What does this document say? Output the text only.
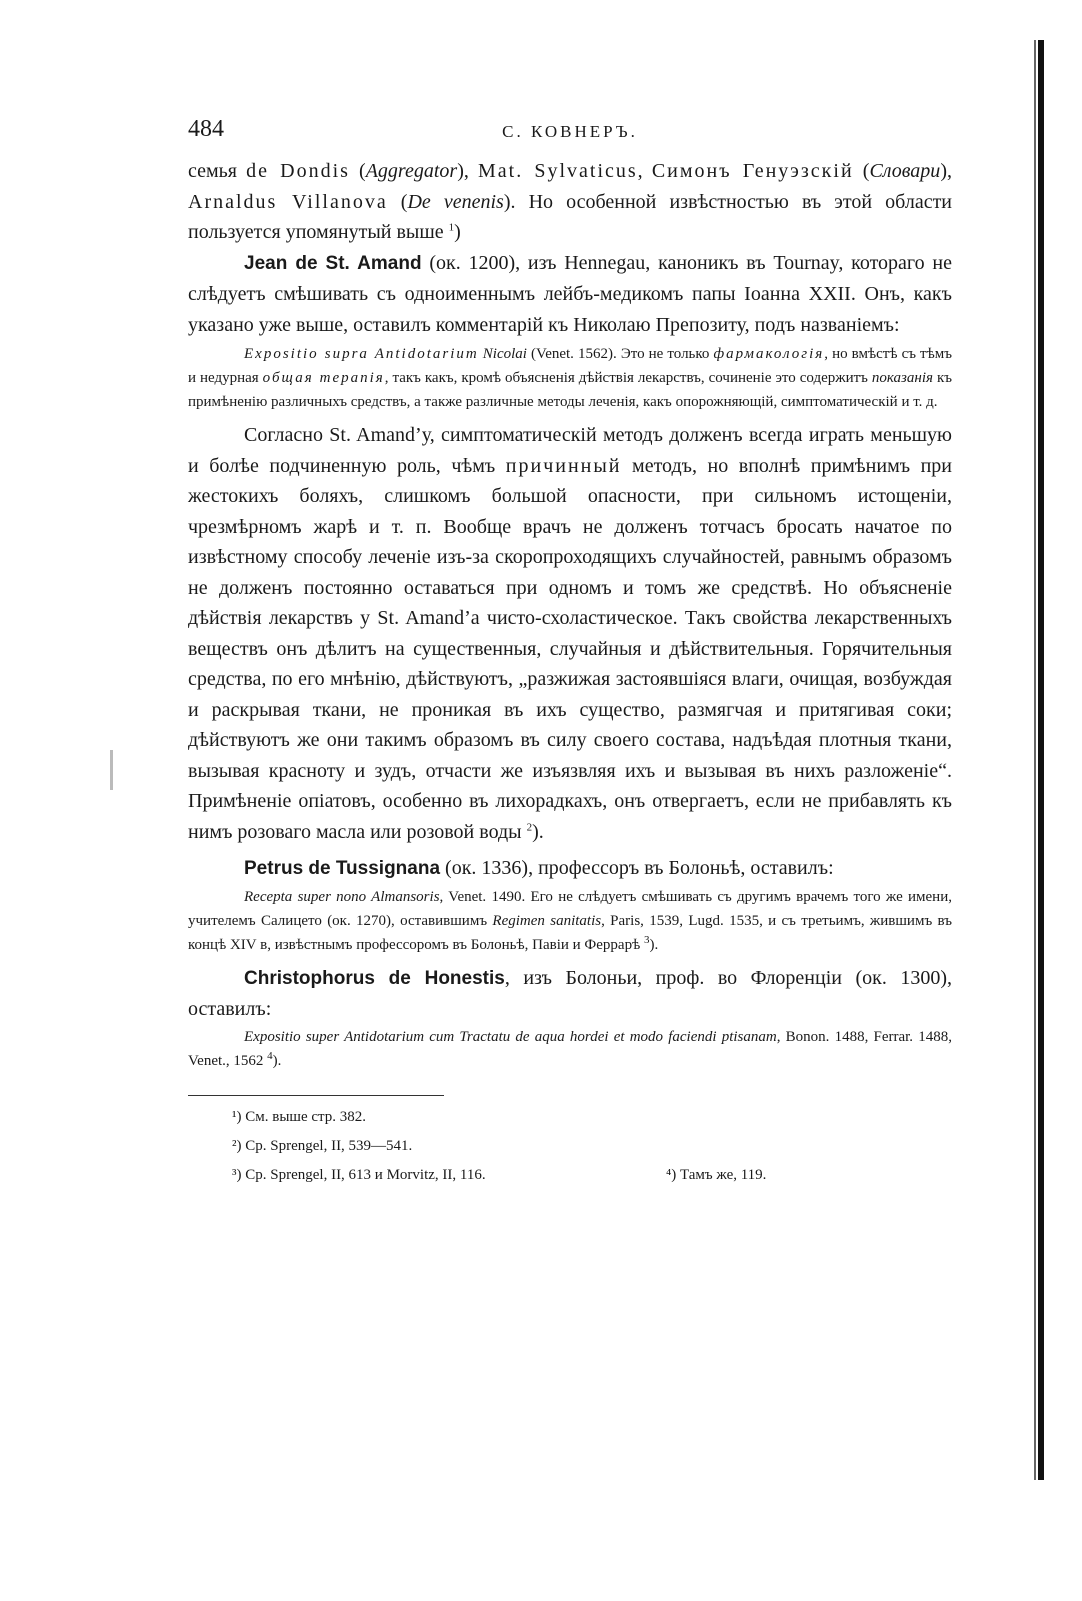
484	С. КОВНЕРЪ.

семья de Dondis (Aggregator), Mat. Sylvaticus, Симонъ Генуэзскій (Словари), Arnaldus Villanova (De venenis). Но особенной извѣстностью въ этой области пользуется упомянутый выше $^1$)

Jean de St. Amand (ок. 1200), изъ Hennegau, каноникъ въ Tournay, котораго не слѣдуетъ смѣшивать съ одноименнымъ лейбъ-медикомъ папы Іоанна XXII. Онъ, какъ указано уже выше, оставилъ комментарій къ Николаю Препозиту, подъ названіемъ:

Expositio supra Antidotarium Nicolai (Venet. 1562). Это не только фармакологія, но вмѣстѣ съ тѣмъ и недурная общая терапія, такъ какъ, кромѣ объясненія дѣйствія лекарствъ, сочиненіе это содержитъ показанія къ примѣненію различныхъ средствъ, а также различные методы леченія, какъ опорожняющій, симптоматическій и т. д.

Согласно St. Amand’у, симптоматическій методъ долженъ всегда играть меньшую и болѣе подчиненную роль, чѣмъ причинный методъ, но вполнѣ примѣнимъ при жестокихъ боляхъ, слишкомъ большой опасности, при сильномъ истощеніи, чрезмѣрномъ жарѣ и т. п. Вообще врачъ не долженъ тотчасъ бросать начатое по извѣстному способу леченіе изъ-за скоропроходящихъ случайностей, равнымъ образомъ не долженъ постоянно оставаться при одномъ и томъ же средствѣ. Но объясненіе дѣйствія лекарствъ у St. Amand’а чисто-схоластическое. Такъ свойства лекарственныхъ веществъ онъ дѣлитъ на существенныя, случайныя и дѣйствительныя. Горячительныя средства, по его мнѣнію, дѣйствуютъ, „разжижая застоявшіяся влаги, очищая, возбуждая и раскрывая ткани, не проникая въ ихъ существо, размягчая и притягивая соки; дѣйствуютъ же они такимъ образомъ въ силу своего состава, надъѣдая плотныя ткани, вызывая красноту и зудъ, отчасти же изъязвляя ихъ и вызывая въ нихъ разложеніе“. Примѣненіе опіатовъ, особенно въ лихорадкахъ, онъ отвергаетъ, если не прибавлять къ нимъ розоваго масла или розовой воды $^2$).

Petrus de Tussignana (ок. 1336), профессоръ въ Болоньѣ, оставилъ:

Recepta super nono Almansoris, Venet. 1490. Его не слѣдуетъ смѣшивать съ другимъ врачемъ того же имени, учителемъ Салицето (ок. 1270), оставившимъ Regimen sanitatis, Paris, 1539, Lugd. 1535, и съ третьимъ, жившимъ въ концѣ XIV в, извѣстнымъ профессоромъ въ Болоньѣ, Павіи и Феррарѣ $^3$).

Christophorus de Honestis, изъ Болоньи, проф. во Флоренціи (ок. 1300), оставилъ:

Expositio super Antidotarium cum Tractatu de aqua hordei et modo faciendi ptisanam, Bonon. 1488, Ferrar. 1488, Venet., 1562 $^4$).

¹) См. выше стр. 382.
²) Ср. Sprengel, II, 539—541.
³) Ср. Sprengel, II, 613 и Morvitz, II, 116.	⁴) Тамъ же, 119.
